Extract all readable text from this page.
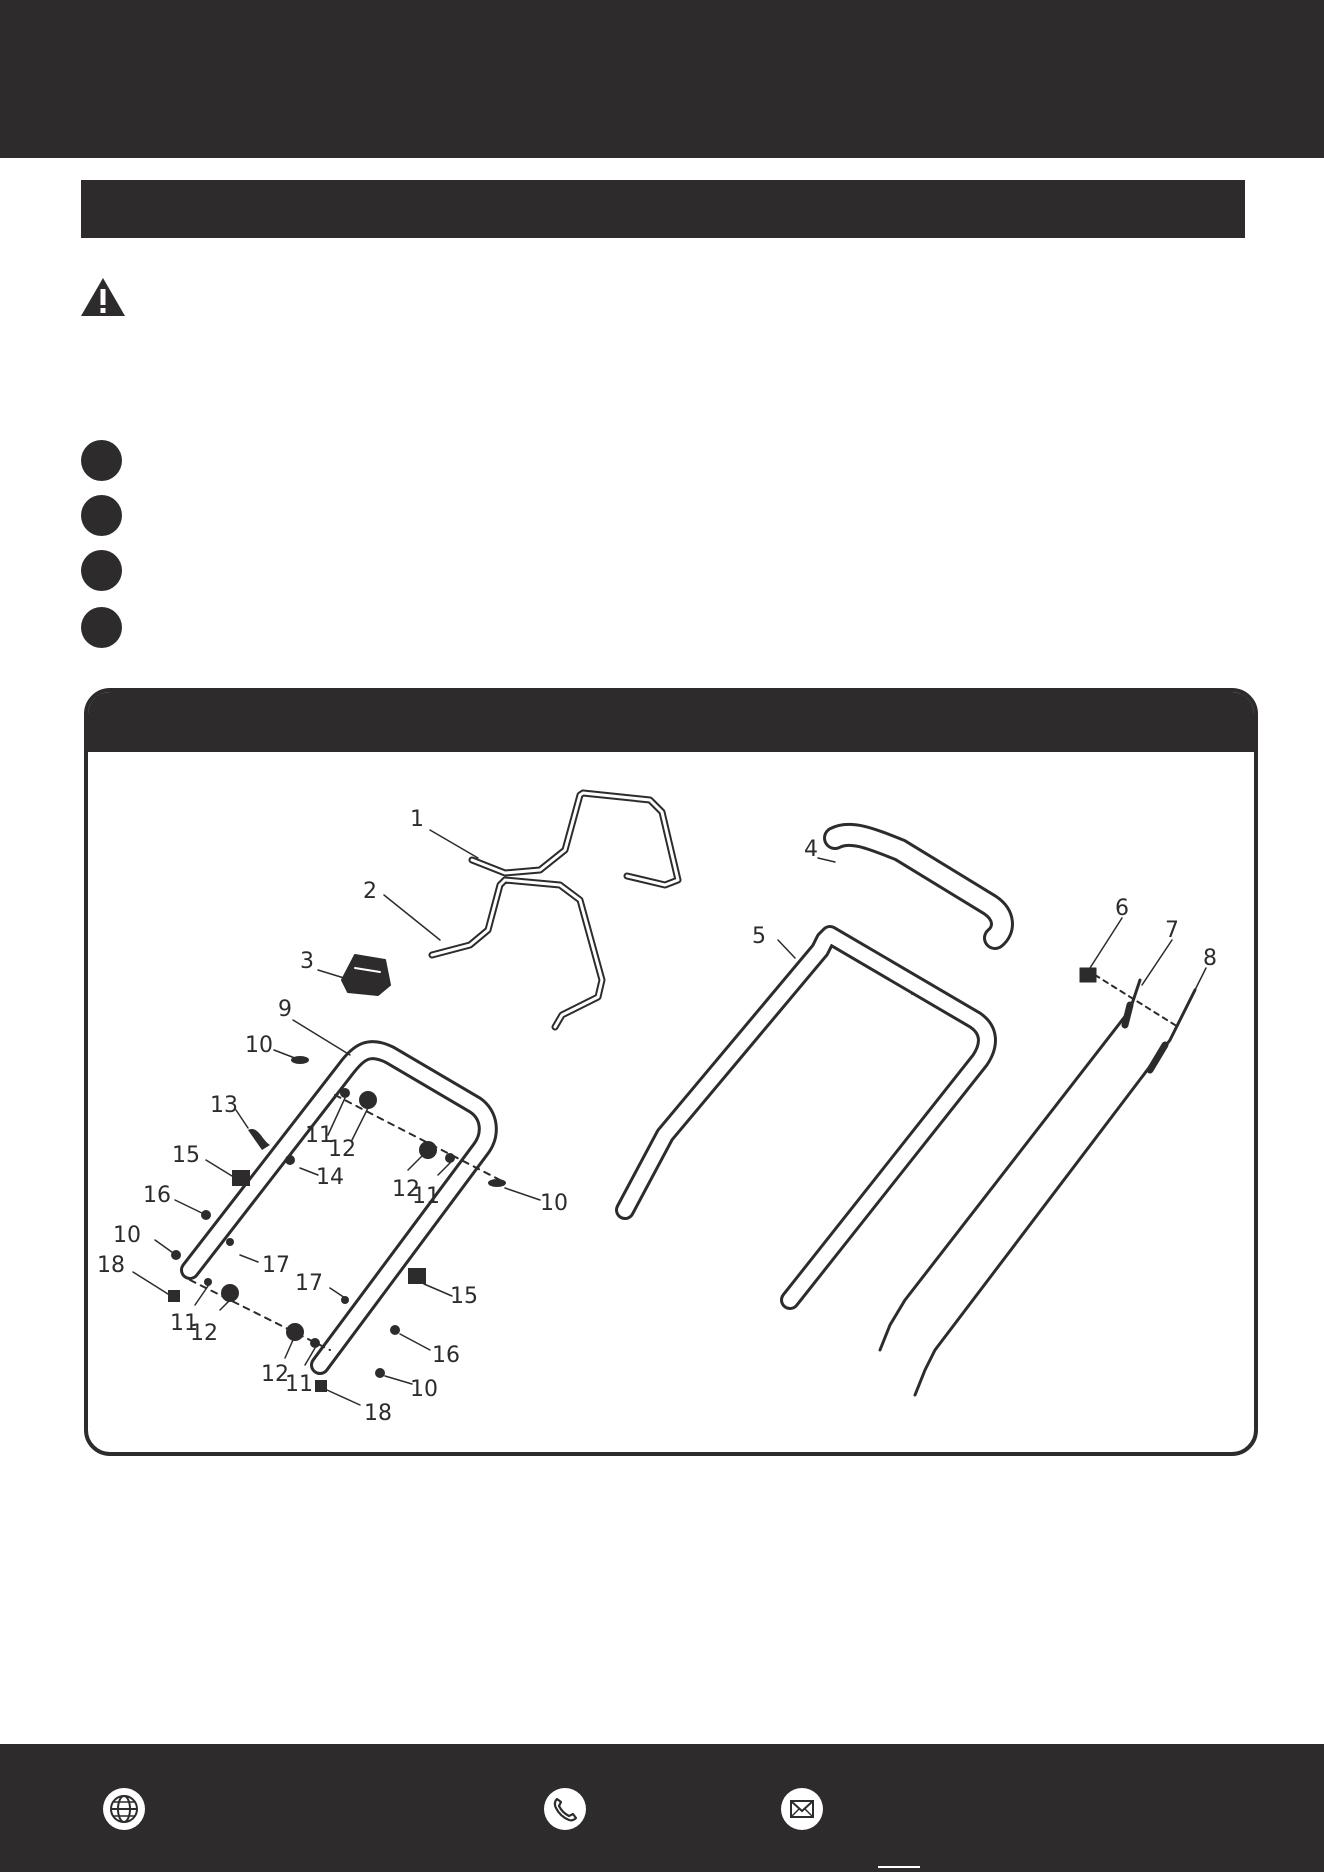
1
2
3
4
5
6
7
8
9
10
10
10
10
11
11
11
11
12
12
12
12
13
14
15
15
16
16
17
17
18
18
